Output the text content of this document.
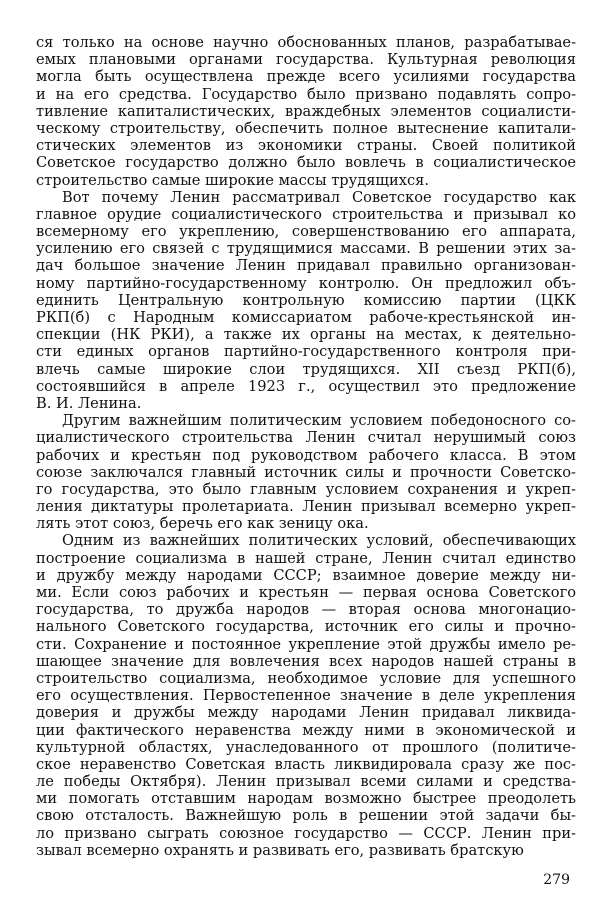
ся только на основе научно обоснованных планов, разрабатывае-
емых плановыми органами государства. Культурная революция
могла быть осуществлена прежде всего усилиями государства
и на его средства. Государство было призвано подавлять сопро-
тивление капиталистических, враждебных элементов социалисти-
ческому строительству, обеспечить полное вытеснение капитали-
стических элементов из экономики страны. Своей политикой
Советское государство должно было вовлечь в социалистическое
строительство самые широкие массы трудящихся.
Вот почему Ленин рассматривал Советское государство как
главное орудие социалистического строительства и призывал ко
всемерному его укреплению, совершенствованию его аппарата,
усилению его связей с трудящимися массами. В решении этих за-
дач большое значение Ленин придавал правильно организован-
ному партийно-государственному контролю. Он предложил объ-
единить Центральную контрольную комиссию партии (ЦКК
РКП(б) с Народным комиссариатом рабоче-крестьянской ин-
спекции (НК РКИ), а также их органы на местах, к деятельно-
сти единых органов партийно-государственного контроля при-
влечь самые широкие слои трудящихся. XII съезд РКП(б),
состоявшийся в апреле 1923 г., осуществил это предложение
В. И. Ленина.
Другим важнейшим политическим условием победоносного со-
циалистического строительства Ленин считал нерушимый союз
рабочих и крестьян под руководством рабочего класса. В этом
союзе заключался главный источник силы и прочности Советско-
го государства, это было главным условием сохранения и укреп-
ления диктатуры пролетариата. Ленин призывал всемерно укреп-
лять этот союз, беречь его как зеницу ока.
Одним из важнейших политических условий, обеспечивающих
построение социализма в нашей стране, Ленин считал единство
и дружбу между народами СССР; взаимное доверие между ни-
ми. Если союз рабочих и крестьян — первая основа Советского
государства, то дружба народов — вторая основа многонацио-
нального Советского государства, источник его силы и прочно-
сти. Сохранение и постоянное укрепление этой дружбы имело ре-
шающее значение для вовлечения всех народов нашей страны в
строительство социализма, необходимое условие для успешного
его осуществления. Первостепенное значение в деле укрепления
доверия и дружбы между народами Ленин придавал ликвида-
ции фактического неравенства между ними в экономической и
культурной областях, унаследованного от прошлого (политиче-
ское неравенство Советская власть ликвидировала сразу же пос-
ле победы Октября). Ленин призывал всеми силами и средства-
ми помогать отставшим народам возможно быстрее преодолеть
свою отсталость. Важнейшую роль в решении этой задачи бы-
ло призвано сыграть союзное государство — СССР. Ленин при-
зывал всемерно охранять и развивать его, развивать братскую
279
